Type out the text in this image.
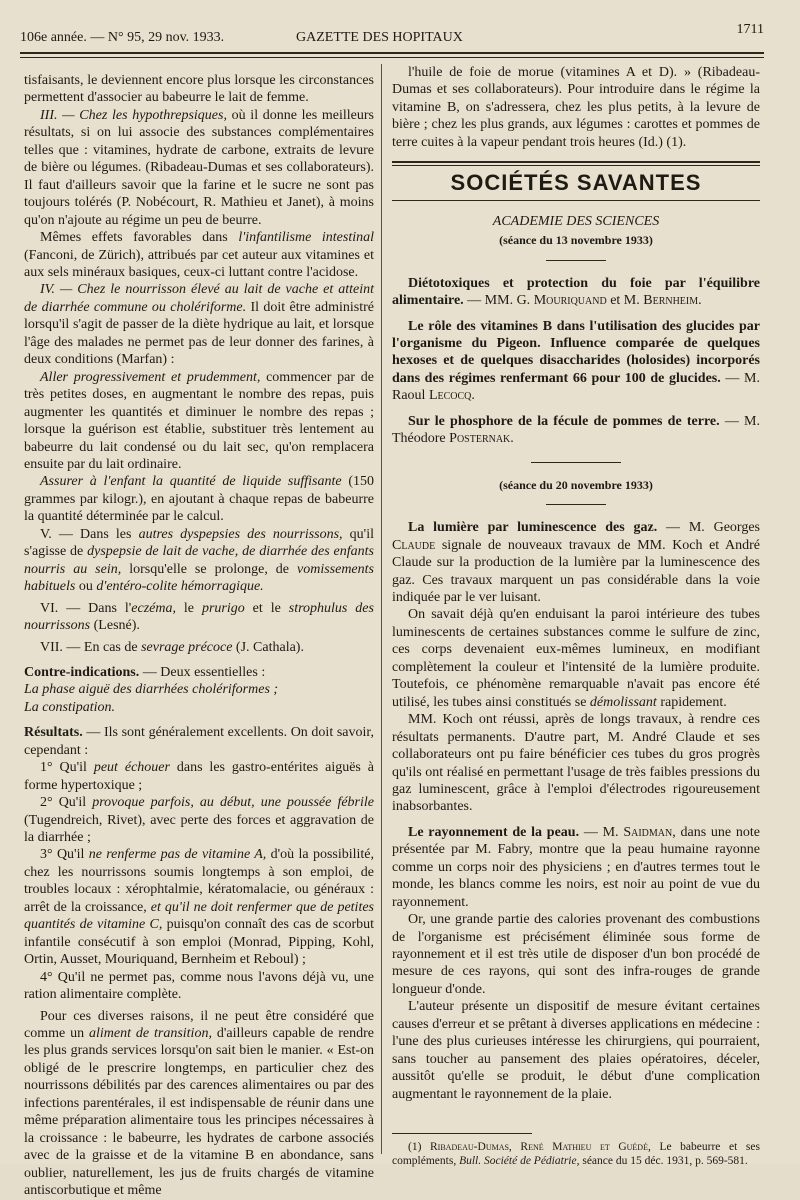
106e année. — N° 95, 29 nov. 1933.	GAZETTE DES HOPITAUX
1711

tisfaisants, le deviennent encore plus lorsque les circonstances permettent d'associer au babeurre le lait de femme.

III. — Chez les hypothrepsiques, où il donne les meilleurs résultats, si on lui associe des substances complémentaires telles que : vitamines, hydrate de carbone, extraits de levure de bière ou légumes. (Ribadeau-Dumas et ses collaborateurs). Il faut d'ailleurs savoir que la farine et le sucre ne sont pas toujours tolérés (P. Nobécourt, R. Mathieu et Janet), à moins qu'on n'ajoute au régime un peu de beurre.

Mêmes effets favorables dans l'infantilisme intestinal (Fanconi, de Zürich), attribués par cet auteur aux vitamines et aux sels minéraux basiques, ceux-ci luttant contre l'acidose.

IV. — Chez le nourrisson élevé au lait de vache et atteint de diarrhée commune ou cholériforme. Il doit être administré lorsqu'il s'agit de passer de la diète hydrique au lait, et lorsque l'âge des malades ne permet pas de leur donner des farines, à deux conditions (Marfan) :

Aller progressivement et prudemment, commencer par de très petites doses, en augmentant le nombre des repas, puis augmenter les quantités et diminuer le nombre des repas ; lorsque la guérison est établie, substituer très lentement au babeurre du lait condensé ou du lait sec, qu'on remplacera ensuite par du lait ordinaire.

Assurer à l'enfant la quantité de liquide suffisante (150 grammes par kilogr.), en ajoutant à chaque repas de babeurre la quantité déterminée par le calcul.

V. — Dans les autres dyspepsies des nourrissons, qu'il s'agisse de dyspepsie de lait de vache, de diarrhée des enfants nourris au sein, lorsqu'elle se prolonge, de vomissements habituels ou d'entéro-colite hémorragique.

VI. — Dans l'eczéma, le prurigo et le strophulus des nourrissons (Lesné).

VII. — En cas de sevrage précoce (J. Cathala).

Contre-indications. — Deux essentielles :

La phase aiguë des diarrhées cholériformes ;

La constipation.

Résultats. — Ils sont généralement excellents. On doit savoir, cependant :

1° Qu'il peut échouer dans les gastro-entérites aiguës à forme hypertoxique ;

2° Qu'il provoque parfois, au début, une poussée fébrile (Tugendreich, Rivet), avec perte des forces et aggravation de la diarrhée ;

3° Qu'il ne renferme pas de vitamine A, d'où la possibilité, chez les nourrissons soumis longtemps à son emploi, de troubles locaux : xérophtalmie, kératomalacie, ou généraux : arrêt de la croissance, et qu'il ne doit renfermer que de petites quantités de vitamine C, puisqu'on connaît des cas de scorbut infantile consécutif à son emploi (Monrad, Pipping, Kohl, Ortin, Ausset, Mouriquand, Bernheim et Reboul) ;

4° Qu'il ne permet pas, comme nous l'avons déjà vu, une ration alimentaire complète.

Pour ces diverses raisons, il ne peut être considéré que comme un aliment de transition, d'ailleurs capable de rendre les plus grands services lorsqu'on sait bien le manier. « Est-on obligé de le prescrire longtemps, en particulier chez des nourrissons débilités par des carences alimentaires ou par des infections parentérales, il est indispensable de réunir dans une même préparation alimentaire tous les principes nécessaires à la croissance : le babeurre, les hydrates de carbone associés avec de la graisse et de la vitamine B en abondance, sans oublier, naturellement, les jus de fruits chargés de vitamine antiscorbutique et même

l'huile de foie de morue (vitamines A et D). » (Ribadeau-Dumas et ses collaborateurs). Pour introduire dans le régime la vitamine B, on s'adressera, chez les plus petits, à la levure de bière ; chez les plus grands, aux légumes : carottes et pommes de terre cuites à la vapeur pendant trois heures (Id.) (1).

SOCIÉTÉS SAVANTES
ACADEMIE DES SCIENCES
(séance du 13 novembre 1933)

Diétotoxiques et protection du foie par l'équilibre alimentaire. — MM. G. Mouriquand et M. Bernheim.

Le rôle des vitamines B dans l'utilisation des glucides par l'organisme du Pigeon. Influence comparée de quelques hexoses et de quelques disaccharides (holosides) incorporés dans des régimes renfermant 66 pour 100 de glucides. — M. Raoul Lecocq.

Sur le phosphore de la fécule de pommes de terre. — M. Théodore Posternak.

(séance du 20 novembre 1933)

La lumière par luminescence des gaz. — M. Georges Claude signale de nouveaux travaux de MM. Koch et André Claude sur la production de la lumière par la luminescence des gaz. Ces travaux marquent un pas considérable dans la voie indiquée par le ver luisant.

On savait déjà qu'en enduisant la paroi intérieure des tubes luminescents de certaines substances comme le sulfure de zinc, ces corps devenaient eux-mêmes lumineux, en modifiant complètement la couleur et l'intensité de la lumière produite. Toutefois, ce phénomène remarquable n'avait pas encore été utilisé, les tubes ainsi constitués se démolissant rapidement.

MM. Koch ont réussi, après de longs travaux, à rendre ces résultats permanents. D'autre part, M. André Claude et ses collaborateurs ont pu faire bénéficier ces tubes du gros progrès qu'ils ont réalisé en permettant l'usage de très faibles pressions du gaz luminescent, grâce à l'emploi d'électrodes rigoureusement inabsorbantes.

Le rayonnement de la peau. — M. Saidman, dans une note présentée par M. Fabry, montre que la peau humaine rayonne comme un corps noir des physiciens ; en d'autres termes tout le monde, les blancs comme les noirs, est noir au point de vue du rayonnement.

Or, une grande partie des calories provenant des combustions de l'organisme est précisément éliminée sous forme de rayonnement et il est très utile de disposer d'un bon procédé de mesure de ces rayons, qui sont des infra-rouges de grande longueur d'onde.

L'auteur présente un dispositif de mesure évitant certaines causes d'erreur et se prêtant à diverses applications en médecine : l'une des plus curieuses intéresse les chirurgiens, qui pourraient, sans toucher au pansement des plaies opératoires, déceler, aussitôt qu'elle se produit, le début d'une complication augmentant le rayonnement de la plaie.

(1) Ribadeau-Dumas, René Mathieu et Guédé, Le babeurre et ses compléments, Bull. Société de Pédiatrie, séance du 15 déc. 1931, p. 569-581.
